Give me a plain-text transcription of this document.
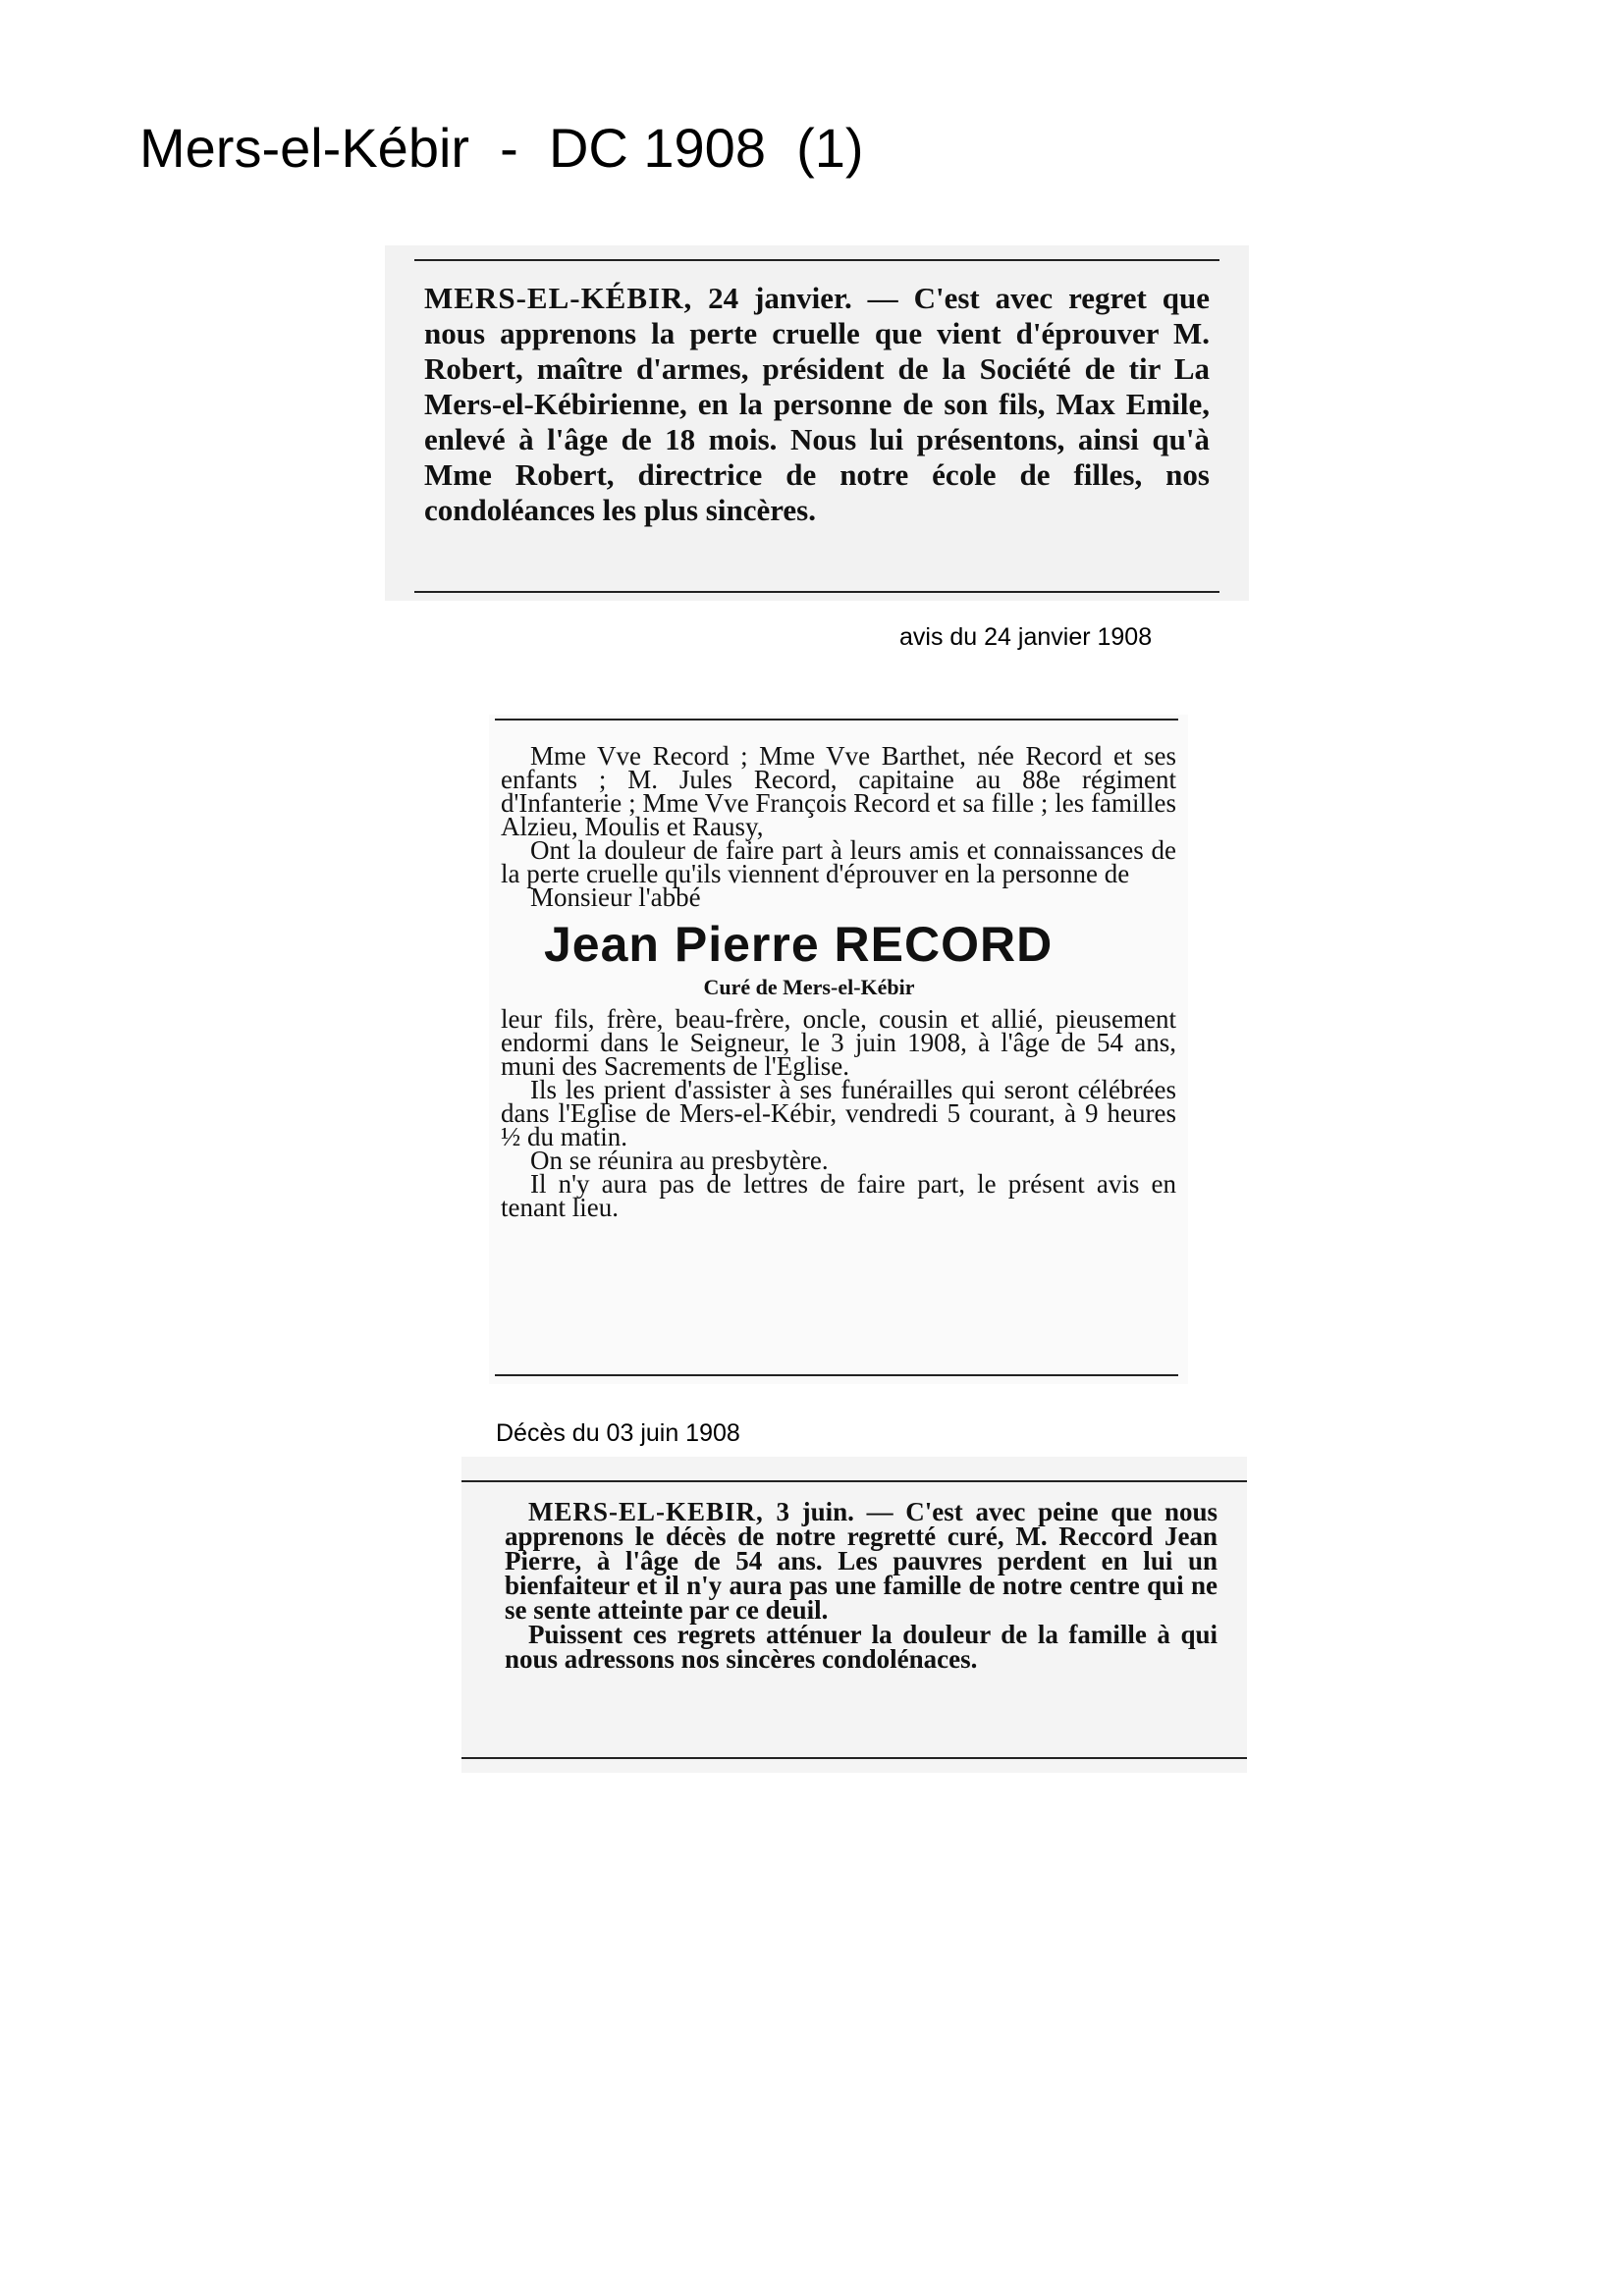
Mers-el-Kébir  -  DC 1908  (1)

MERS-EL-KÉBIR, 24 janvier. — C'est avec regret que nous apprenons la perte cruelle que vient d'éprouver M. Robert, maître d'armes, président de la Société de tir La Mers-el-Kébirienne, en la personne de son fils, Max Emile, enlevé à l'âge de 18 mois. Nous lui présentons, ainsi qu'à Mme Robert, directrice de notre école de filles, nos condoléances les plus sincères.

avis du 24 janvier 1908

Mme Vve Record ; Mme Vve Barthet, née Record et ses enfants ; M. Jules Record, capitaine au 88e régiment d'Infanterie ; Mme Vve François Record et sa fille ; les familles Alzieu, Moulis et Rausy,

Ont la douleur de faire part à leurs amis et connaissances de la perte cruelle qu'ils viennent d'éprouver en la personne de

Monsieur l'abbé

Jean Pierre RECORD

Curé de Mers-el-Kébir

leur fils, frère, beau-frère, oncle, cousin et allié, pieusement endormi dans le Seigneur, le 3 juin 1908, à l'âge de 54 ans, muni des Sacrements de l'Eglise.

Ils les prient d'assister à ses funérailles qui seront célébrées dans l'Eglise de Mers-el-Kébir, vendredi 5 courant, à 9 heures ½ du matin.

On se réunira au presbytère.

Il n'y aura pas de lettres de faire part, le présent avis en tenant lieu.

Décès du 03 juin 1908

MERS-EL-KEBIR, 3 juin. — C'est avec peine que nous apprenons le décès de notre regretté curé, M. Reccord Jean Pierre, à l'âge de 54 ans. Les pauvres perdent en lui un bienfaiteur et il n'y aura pas une famille de notre centre qui ne se sente atteinte par ce deuil.

Puissent ces regrets atténuer la douleur de la famille à qui nous adressons nos sincères condolénaces.
